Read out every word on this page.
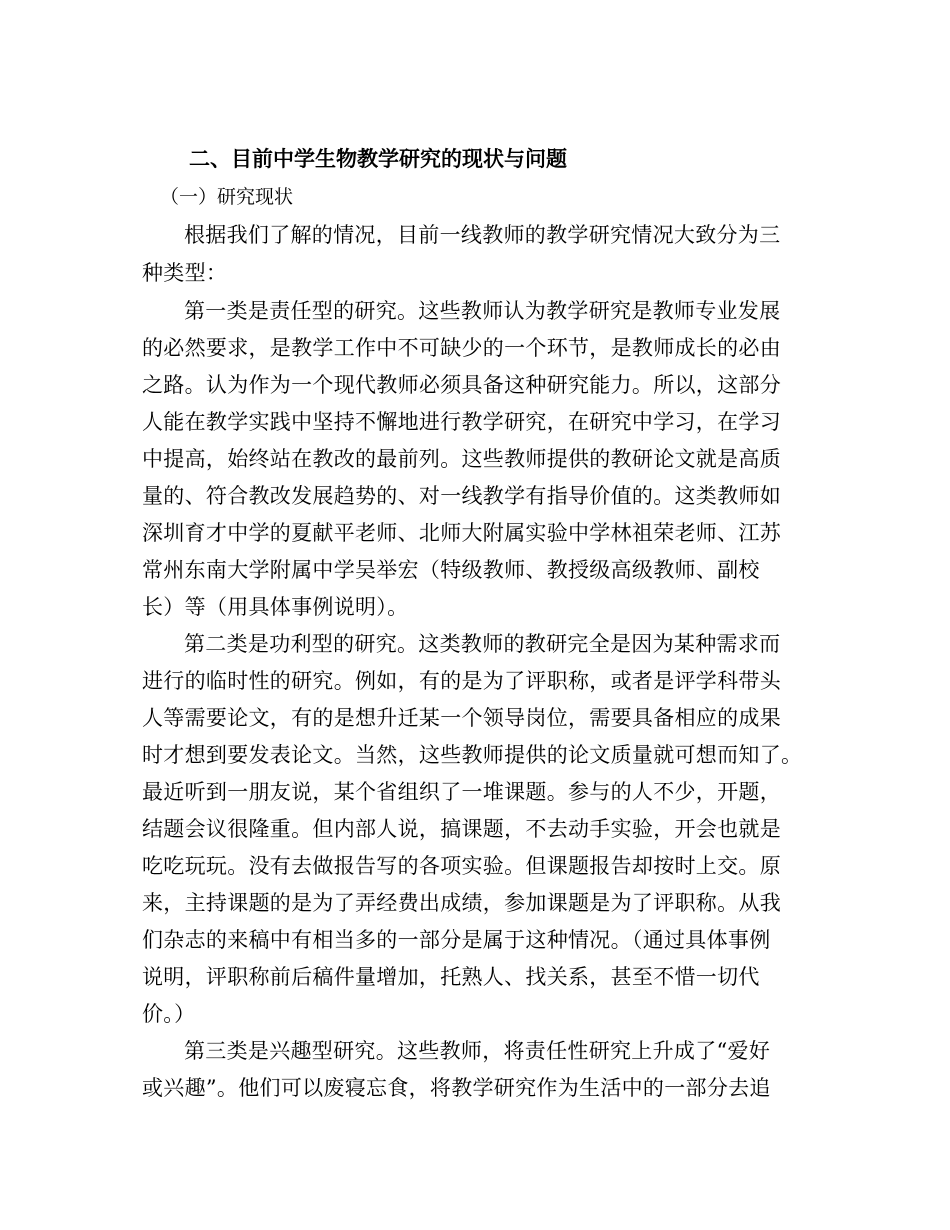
二、目前中学生物教学研究的现状与问题
（一）研究现状
根据我们了解的情况，目前一线教师的教学研究情况大致分为三
种类型：
第一类是责任型的研究。这些教师认为教学研究是教师专业发展
的必然要求，是教学工作中不可缺少的一个环节，是教师成长的必由
之路。认为作为一个现代教师必须具备这种研究能力。所以，这部分
人能在教学实践中坚持不懈地进行教学研究，在研究中学习，在学习
中提高，始终站在教改的最前列。这些教师提供的教研论文就是高质
量的、符合教改发展趋势的、对一线教学有指导价值的。这类教师如
深圳育才中学的夏献平老师、北师大附属实验中学林祖荣老师、江苏
常州东南大学附属中学吴举宏（特级教师、教授级高级教师、副校
长）等（用具体事例说明）。
第二类是功利型的研究。这类教师的教研完全是因为某种需求而
进行的临时性的研究。例如，有的是为了评职称，或者是评学科带头
人等需要论文，有的是想升迁某一个领导岗位，需要具备相应的成果
时才想到要发表论文。当然，这些教师提供的论文质量就可想而知了。
最近听到一朋友说，某个省组织了一堆课题。参与的人不少，开题，
结题会议很隆重。但内部人说，搞课题，不去动手实验，开会也就是
吃吃玩玩。没有去做报告写的各项实验。但课题报告却按时上交。原
来，主持课题的是为了弄经费出成绩，参加课题是为了评职称。从我
们杂志的来稿中有相当多的一部分是属于这种情况。（通过具体事例
说明，评职称前后稿件量增加，托熟人、找关系，甚至不惜一切代
价。）
第三类是兴趣型研究。这些教师，将责任性研究上升成了“爱好
或兴趣”。他们可以废寝忘食，将教学研究作为生活中的一部分去追
